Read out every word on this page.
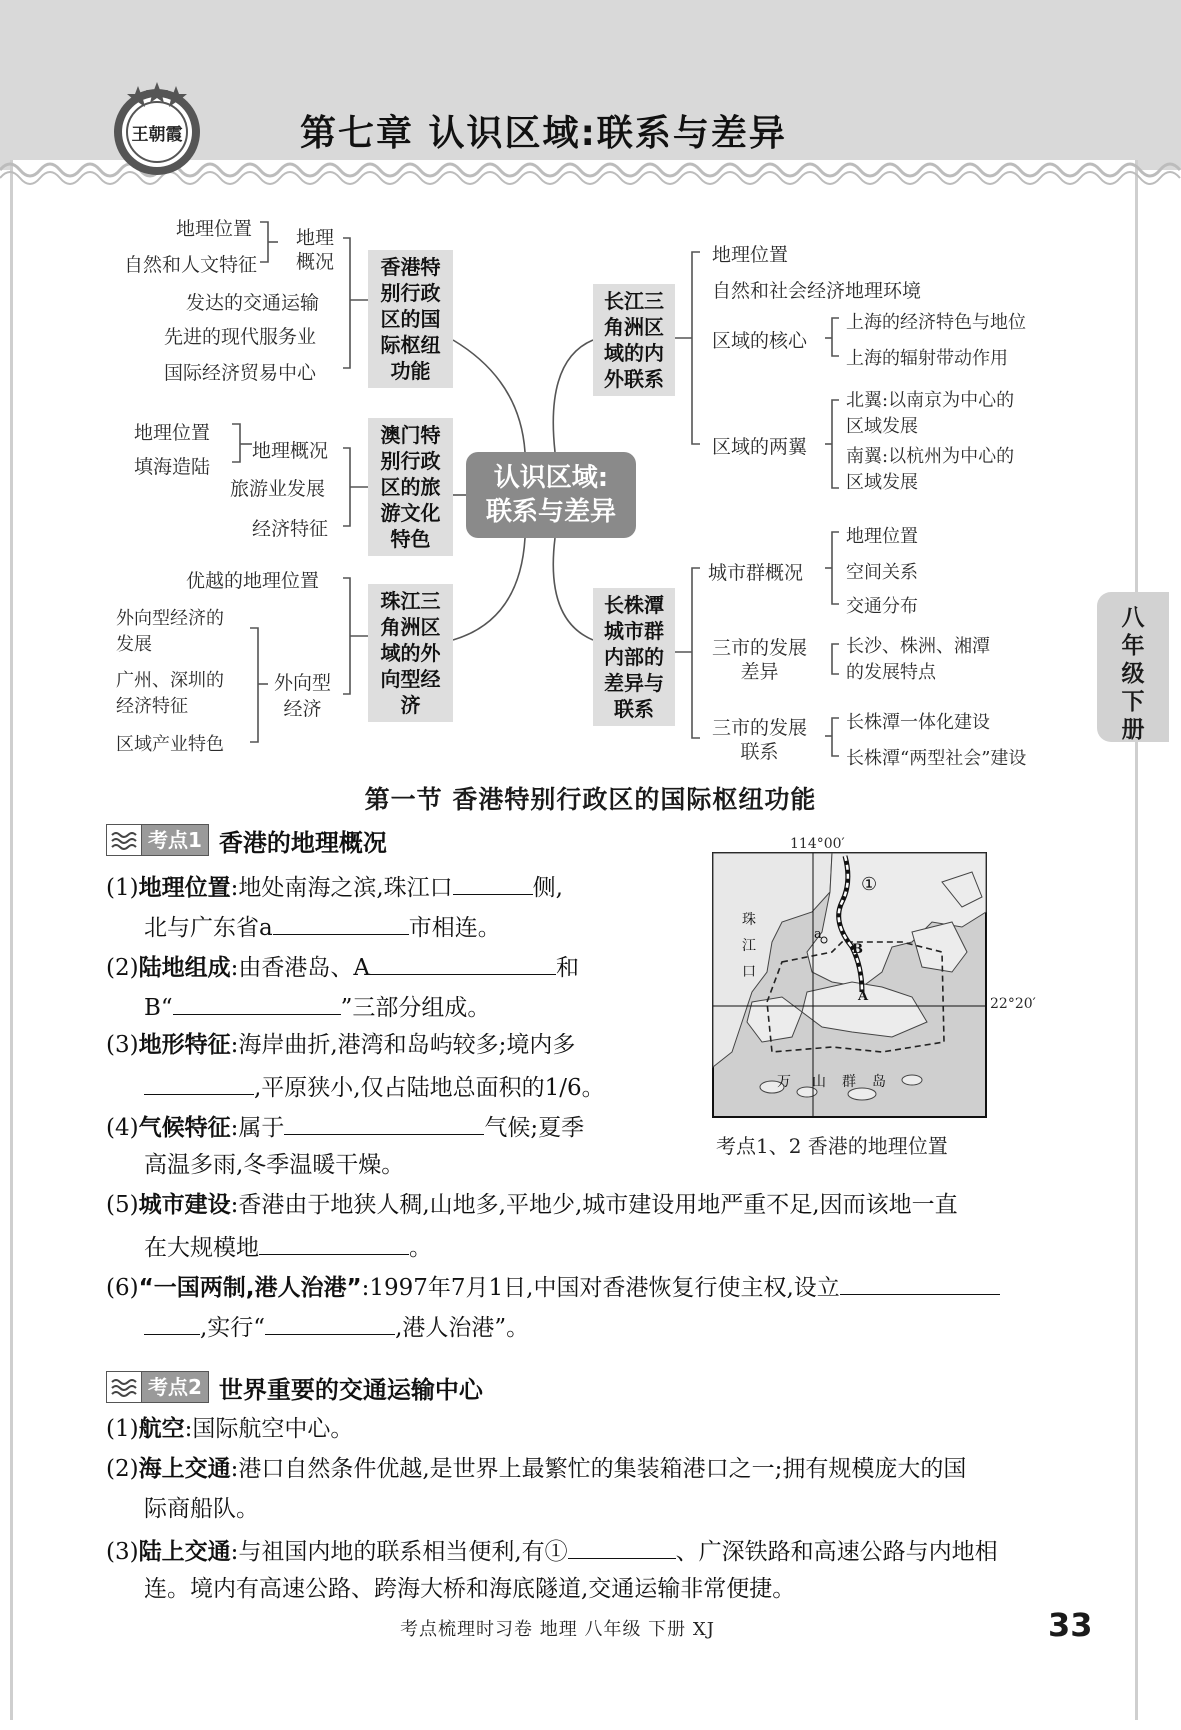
王朝霞	第七章 认识区域:联系与差异
八
年
级
下
册
地理位置
自然和人文特征
地理
概况
发达的交通运输
先进的现代服务业
国际经济贸易中心
香港特
别行政
区的国
际枢纽
功能
地理位置
填海造陆
地理概况
旅游业发展
经济特征
澳门特
别行政
区的旅
游文化
特色
优越的地理位置
外向型经济的
发展
广州、深圳的
经济特征
区域产业特色
外向型
经济
珠江三
角洲区
域的外
向型经
济
认识区域:
联系与差异
长江三
角洲区
域的内
外联系
地理位置
自然和社会经济地理环境
区域的核心
上海的经济特色与地位
上海的辐射带动作用
区域的两翼
北翼:以南京为中心的
区域发展
南翼:以杭州为中心的
区域发展
长株潭
城市群
内部的
差异与
联系
城市群概况
地理位置
空间关系
交通分布
三市的发展
差异
长沙、株洲、湘潭
的发展特点
三市的发展
联系
长株潭一体化建设
长株潭“两型社会”建设
第一节 香港特别行政区的国际枢纽功能
考点1 香港的地理概况
(1)地理位置:地处南海之滨,珠江口	侧,
北与广东省a	市相连。
(2)陆地组成:由香港岛、A	和
B“	”三部分组成。
(3)地形特征:海岸曲折,港湾和岛屿较多;境内多
,平原狭小,仅占陆地总面积的1/6。
(4)气候特征:属于	气候;夏季
高温多雨,冬季温暖干燥。
(5)城市建设:香港由于地狭人稠,山地多,平地少,城市建设用地严重不足,因而该地一直
在大规模地	。
(6)“一国两制,港人治港”:1997年7月1日,中国对香港恢复行使主权,设立
,实行“	,港人治港”。
①
a
B
A
珠
江
口
万 山 群 岛
114°00′
22°20′
考点1、2 香港的地理位置
考点2 世界重要的交通运输中心
(1)航空:国际航空中心。
(2)海上交通:港口自然条件优越,是世界上最繁忙的集装箱港口之一;拥有规模庞大的国
际商船队。
(3)陆上交通:与祖国内地的联系相当便利,有①	、广深铁路和高速公路与内地相
连。境内有高速公路、跨海大桥和海底隧道,交通运输非常便捷。
考点梳理时习卷 地理 八年级 下册 XJ	33
